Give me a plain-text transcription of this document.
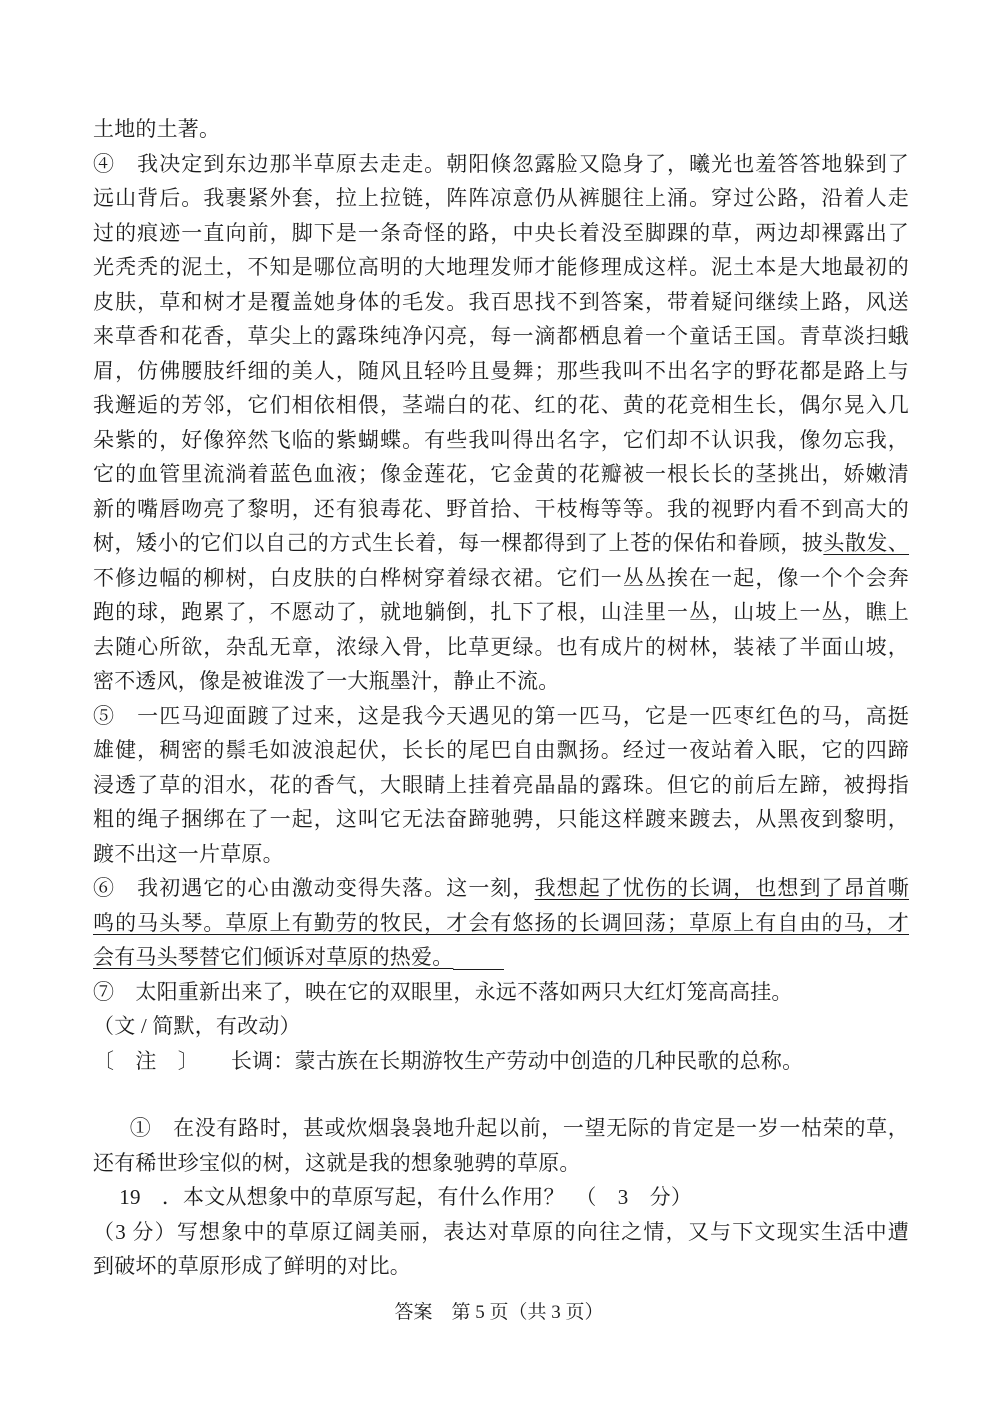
土地的土著。
④　我决定到东边那半草原去走走。朝阳倏忽露脸又隐身了，曦光也羞答答地躲到了
远山背后。我裹紧外套，拉上拉链，阵阵凉意仍从裤腿往上涌。穿过公路，沿着人走
过的痕迹一直向前，脚下是一条奇怪的路，中央长着没至脚踝的草，两边却裸露出了
光秃秃的泥土，不知是哪位高明的大地理发师才能修理成这样。泥土本是大地最初的
皮肤，草和树才是覆盖她身体的毛发。我百思找不到答案，带着疑问继续上路，风送
来草香和花香，草尖上的露珠纯净闪亮，每一滴都栖息着一个童话王国。青草淡扫蛾
眉，仿佛腰肢纤细的美人，随风且轻吟且曼舞；那些我叫不出名字的野花都是路上与
我邂逅的芳邻，它们相依相偎，茎端白的花、红的花、黄的花竞相生长，偶尔晃入几
朵紫的，好像猝然飞临的紫蝴蝶。有些我叫得出名字，它们却不认识我，像勿忘我，
它的血管里流淌着蓝色血液；像金莲花，它金黄的花瓣被一根长长的茎挑出，娇嫩清
新的嘴唇吻亮了黎明，还有狼毒花、野首拾、干枝梅等等。我的视野内看不到高大的
树，矮小的它们以自己的方式生长着，每一棵都得到了上苍的保佑和眷顾，披头散发、
不修边幅的柳树，白皮肤的白桦树穿着绿衣裙。它们一丛丛挨在一起，像一个个会奔
跑的球，跑累了，不愿动了，就地躺倒，扎下了根，山洼里一丛，山坡上一丛，瞧上
去随心所欲，杂乱无章，浓绿入骨，比草更绿。也有成片的树林，装裱了半面山坡，
密不透风，像是被谁泼了一大瓶墨汁，静止不流。
⑤　一匹马迎面踱了过来，这是我今天遇见的第一匹马，它是一匹枣红色的马，高挺
雄健，稠密的鬃毛如波浪起伏，长长的尾巴自由飘扬。经过一夜站着入眠，它的四蹄
浸透了草的泪水，花的香气，大眼睛上挂着亮晶晶的露珠。但它的前后左蹄，被拇指
粗的绳子捆绑在了一起，这叫它无法奋蹄驰骋，只能这样踱来踱去，从黑夜到黎明，
踱不出这一片草原。
⑥　我初遇它的心由激动变得失落。这一刻，我想起了忧伤的长调，也想到了昂首嘶
鸣的马头琴。草原上有勤劳的牧民，才会有悠扬的长调回荡；草原上有自由的马，才
会有马头琴替它们倾诉对草原的热爱。
⑦　太阳重新出来了，映在它的双眼里，永远不落如两只大红灯笼高高挂。
（文 / 简默，有改动）
〔　注　〕　　长调：蒙古族在长期游牧生产劳动中创造的几种民歌的总称。
①　在没有路时，甚或炊烟袅袅地升起以前，一望无际的肯定是一岁一枯荣的草，
还有稀世珍宝似的树，这就是我的想象驰骋的草原。
19　．本文从想象中的草原写起，有什么作用？　（　3　分）
（3 分）写想象中的草原辽阔美丽，表达对草原的向往之情，又与下文现实生活中遭
到破坏的草原形成了鲜明的对比。
答案　第 5 页（共 3 页）
